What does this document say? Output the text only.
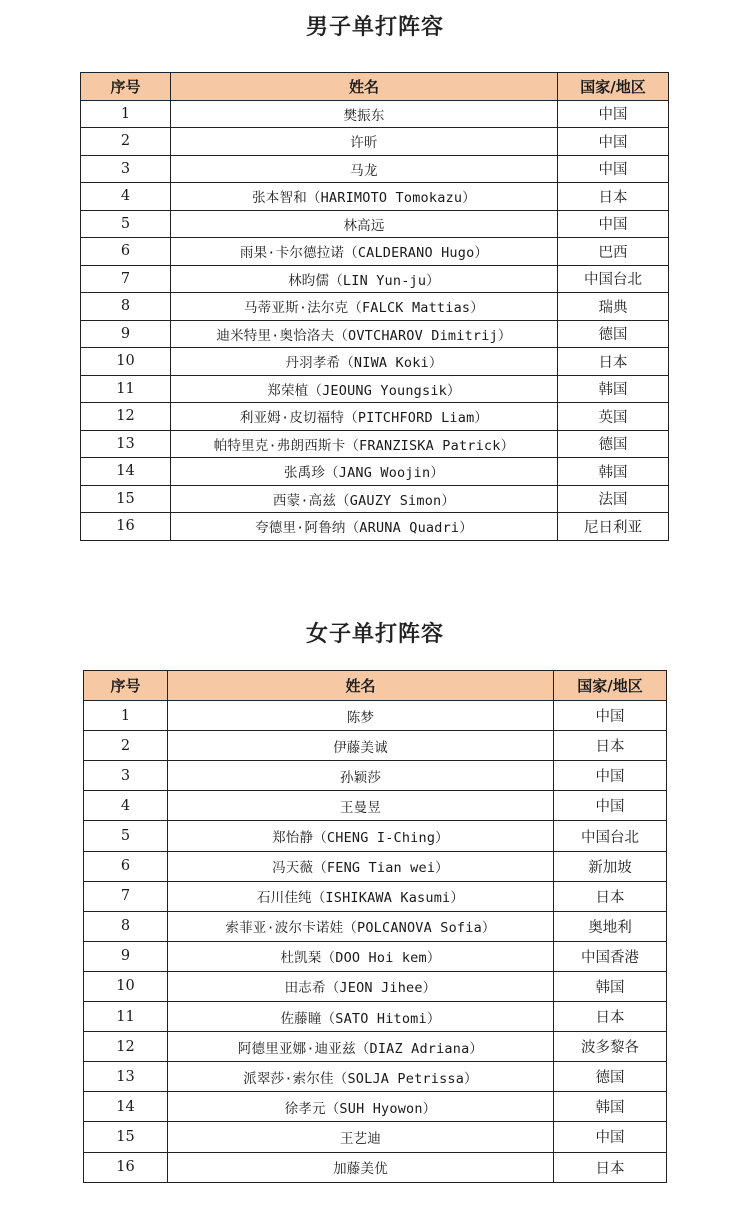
男子单打阵容
序号	姓名	国家/地区
1	樊振东	中国
2	许昕	中国
3	马龙	中国
4	张本智和（HARIMOTO Tomokazu）	日本
5	林高远	中国
6	雨果·卡尔德拉诺（CALDERANO Hugo）	巴西
7	林昀儒（LIN Yun-ju）	中国台北
8	马蒂亚斯·法尔克（FALCK Mattias）	瑞典
9	迪米特里·奥恰洛夫（OVTCHAROV Dimitrij）	德国
10	丹羽孝希（NIWA Koki）	日本
11	郑荣植（JEOUNG Youngsik）	韩国
12	利亚姆·皮切福特（PITCHFORD Liam）	英国
13	帕特里克·弗朗西斯卡（FRANZISKA Patrick）	德国
14	张禹珍（JANG Woojin）	韩国
15	西蒙·高兹（GAUZY Simon）	法国
16	夸德里·阿鲁纳（ARUNA Quadri）	尼日利亚
女子单打阵容
序号	姓名	国家/地区
1	陈梦	中国
2	伊藤美诚	日本
3	孙颖莎	中国
4	王曼昱	中国
5	郑怡静（CHENG I-Ching）	中国台北
6	冯天薇（FENG Tian wei）	新加坡
7	石川佳纯（ISHIKAWA Kasumi）	日本
8	索菲亚·波尔卡诺娃（POLCANOVA Sofia）	奥地利
9	杜凯琹（DOO Hoi kem）	中国香港
10	田志希（JEON Jihee）	韩国
11	佐藤瞳（SATO Hitomi）	日本
12	阿德里亚娜·迪亚兹（DIAZ Adriana）	波多黎各
13	派翠莎·索尔佳（SOLJA Petrissa）	德国
14	徐孝元（SUH Hyowon）	韩国
15	王艺迪	中国
16	加藤美优	日本
